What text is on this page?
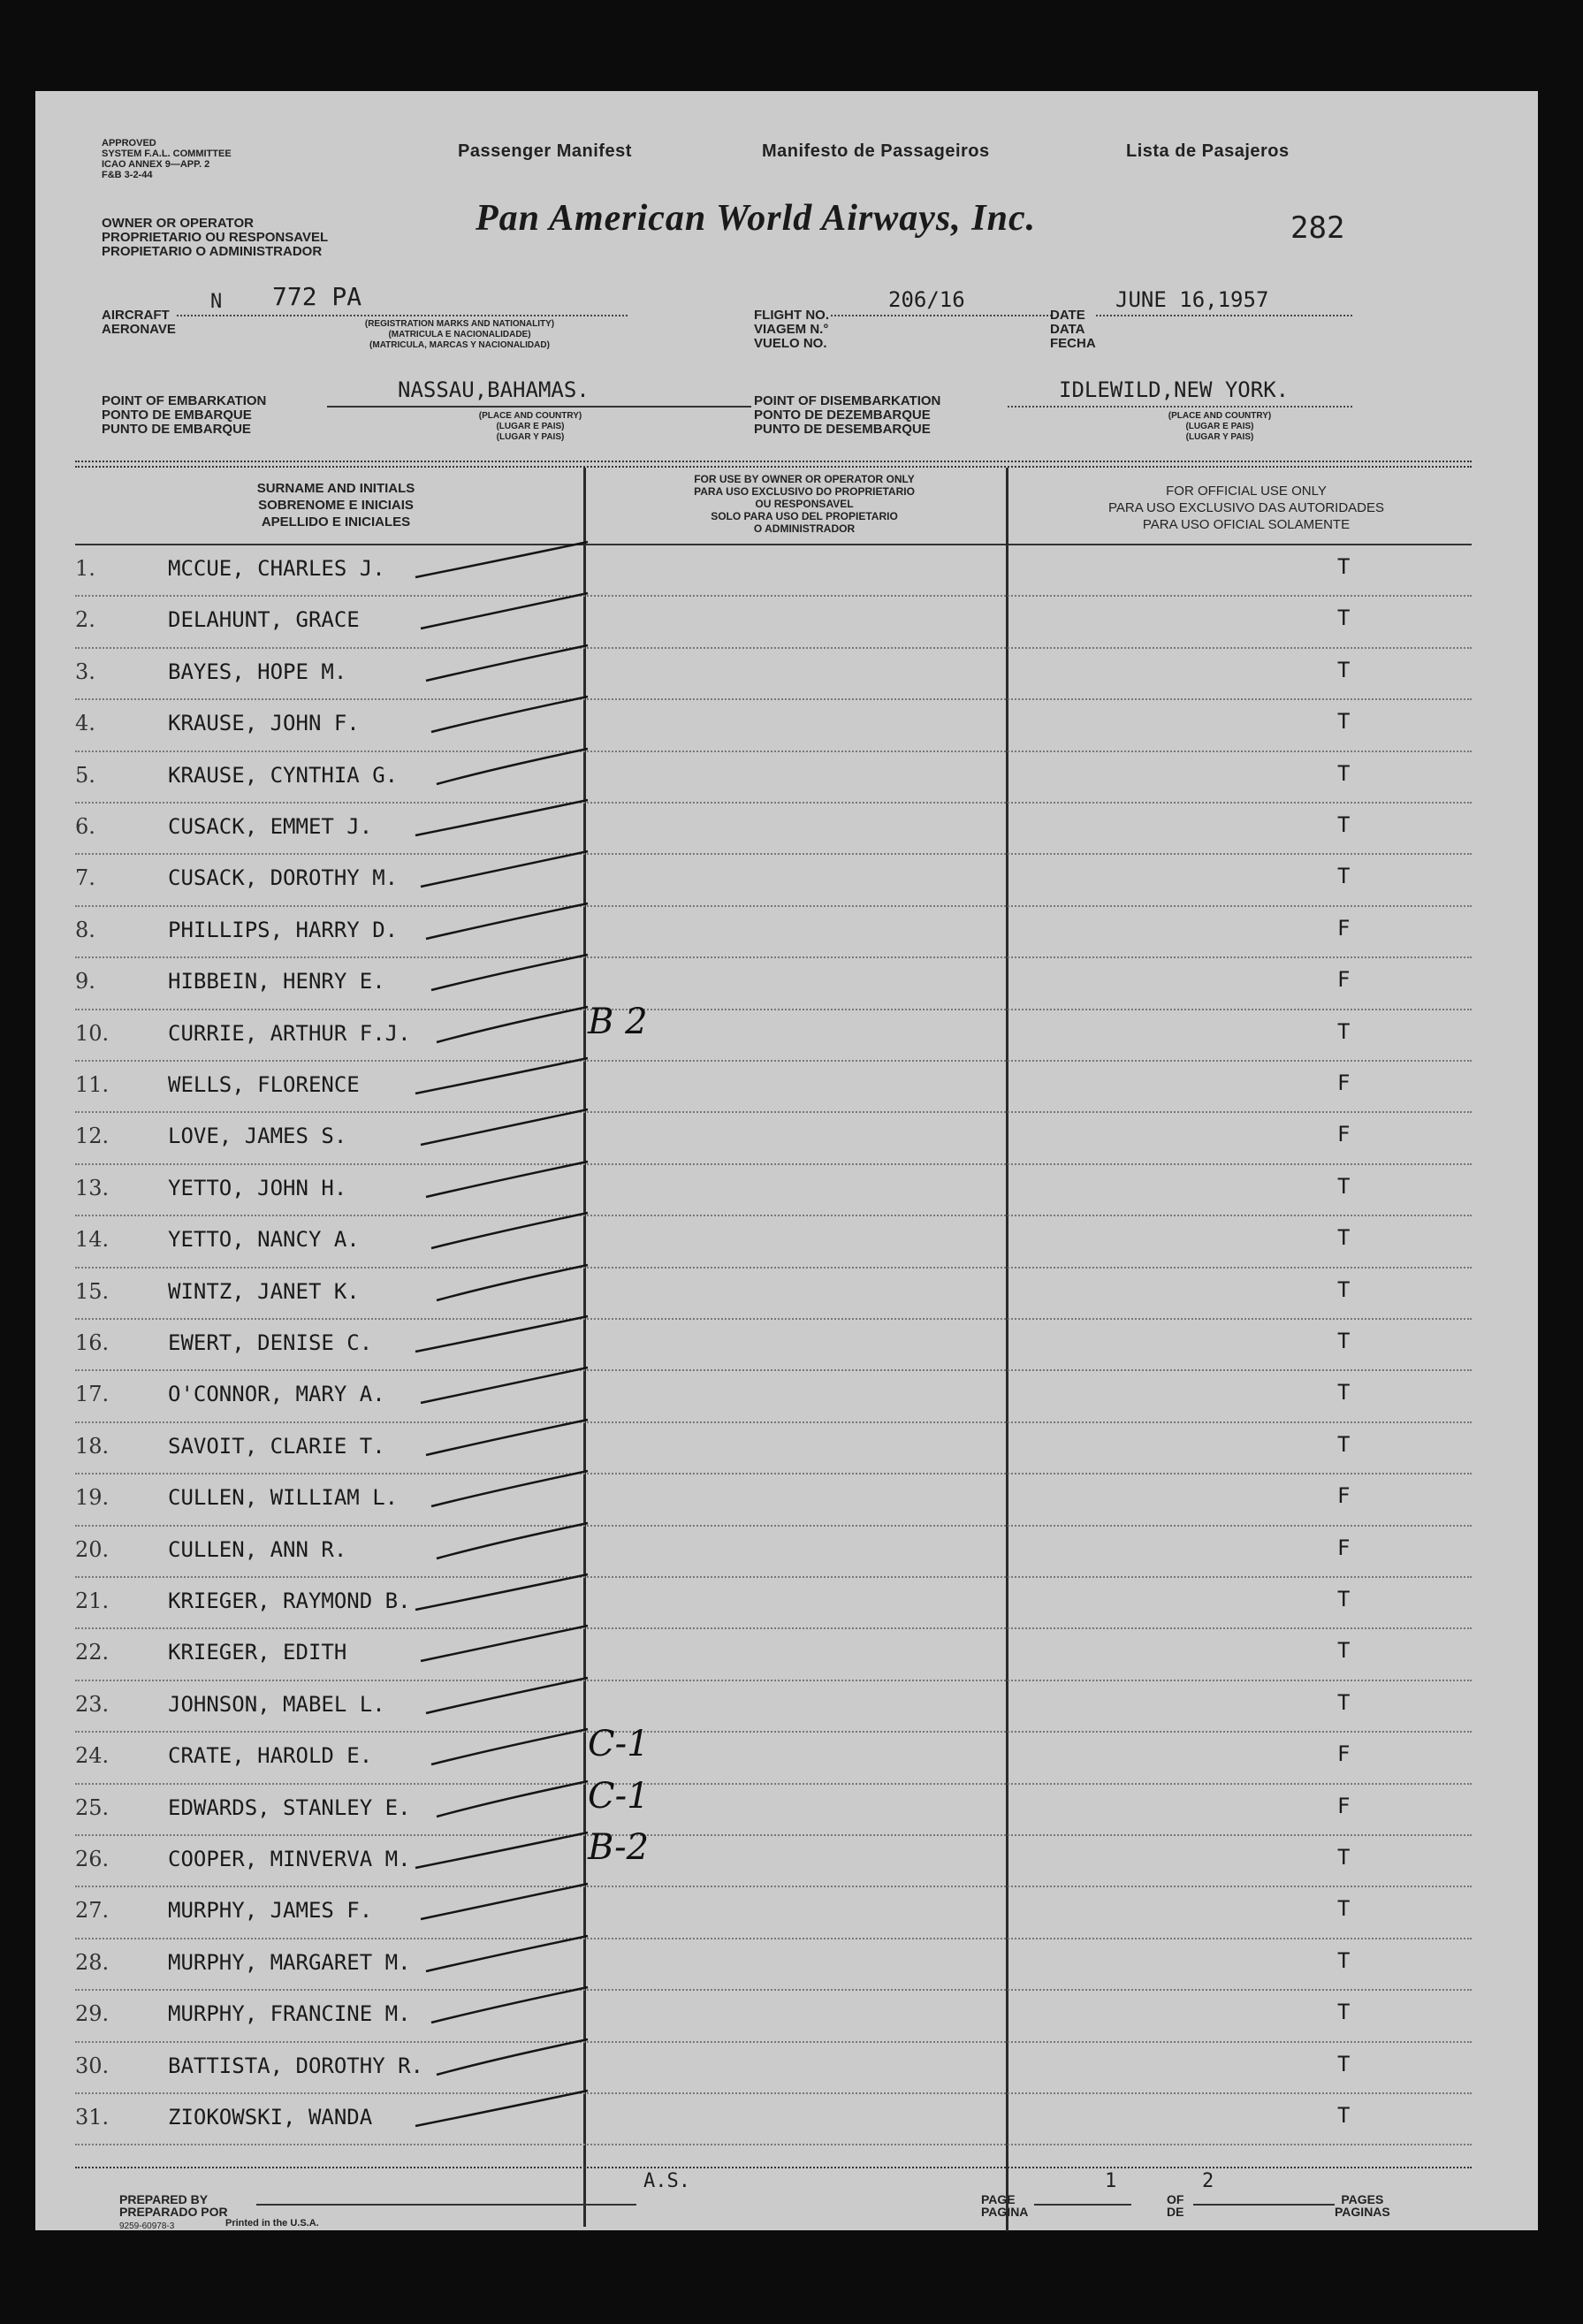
APPROVED
SYSTEM F.A.L. COMMITTEE
ICAO ANNEX 9—APP. 2
F&B 3-2-44
Passenger Manifest	Manifesto de Passageiros	Lista de Pasajeros
OWNER OR OPERATOR
PROPRIETARIO OU RESPONSAVEL
PROPIETARIO O ADMINISTRADOR
Pan American World Airways, Inc.	282
AIRCRAFT
AERONAVE
N 772 PA
(REGISTRATION MARKS AND NATIONALITY)
(MATRICULA E NACIONALIDADE)
(MATRICULA, MARCAS Y NACIONALIDAD)
FLIGHT NO.
VIAGEM N.°
VUELO NO.
206/16
DATE
DATA
FECHA
JUNE 16,1957
POINT OF EMBARKATION
PONTO DE EMBARQUE
PUNTO DE EMBARQUE
NASSAU,BAHAMAS.
(PLACE AND COUNTRY)
(LUGAR E PAIS)
(LUGAR Y PAIS)
POINT OF DISEMBARKATION
PONTO DE DEZEMBARQUE
PUNTO DE DESEMBARQUE
IDLEWILD,NEW YORK.
(PLACE AND COUNTRY)
(LUGAR E PAIS)
(LUGAR Y PAIS)
SURNAME AND INITIALS
SOBRENOME E INICIAIS
APELLIDO E INICIALES
FOR USE BY OWNER OR OPERATOR ONLY
PARA USO EXCLUSIVO DO PROPRIETARIO
OU RESPONSAVEL
SOLO PARA USO DEL PROPIETARIO
O ADMINISTRADOR
FOR OFFICIAL USE ONLY
PARA USO EXCLUSIVO DAS AUTORIDADES
PARA USO OFICIAL SOLAMENTE
1.	MCCUE, CHARLES J.	T
2.	DELAHUNT, GRACE	T
3.	BAYES, HOPE M.	T
4.	KRAUSE, JOHN F.	T
5.	KRAUSE, CYNTHIA G.	T
6.	CUSACK, EMMET J.	T
7.	CUSACK, DOROTHY M.	T
8.	PHILLIPS, HARRY D.	F
9.	HIBBEIN, HENRY E.	F
10.	CURRIE, ARTHUR F.J.	T
B 2
11.	WELLS, FLORENCE	F
12.	LOVE, JAMES S.	F
13.	YETTO, JOHN H.	T
14.	YETTO, NANCY A.	T
15.	WINTZ, JANET K.	T
16.	EWERT, DENISE C.	T
17.	O'CONNOR, MARY A.	T
18.	SAVOIT, CLARIE T.	T
19.	CULLEN, WILLIAM L.	F
20.	CULLEN, ANN R.	F
21.	KRIEGER, RAYMOND B.	T
22.	KRIEGER, EDITH	T
23.	JOHNSON, MABEL L.	T
24.	CRATE, HAROLD E.	F
C-1
25.	EDWARDS, STANLEY E.	F
C-1
26.	COOPER, MINVERVA M.	T
B-2
27.	MURPHY, JAMES F.	T
28.	MURPHY, MARGARET M.	T
29.	MURPHY, FRANCINE M.	T
30.	BATTISTA, DOROTHY R.	T
31.	ZIOKOWSKI, WANDA	T
PREPARED BY
PREPARADO POR
9259-60978-3	Printed in the U.S.A.
A.S.
PAGE
PAGINA
1
OF
DE
2
PAGES
PAGINAS
